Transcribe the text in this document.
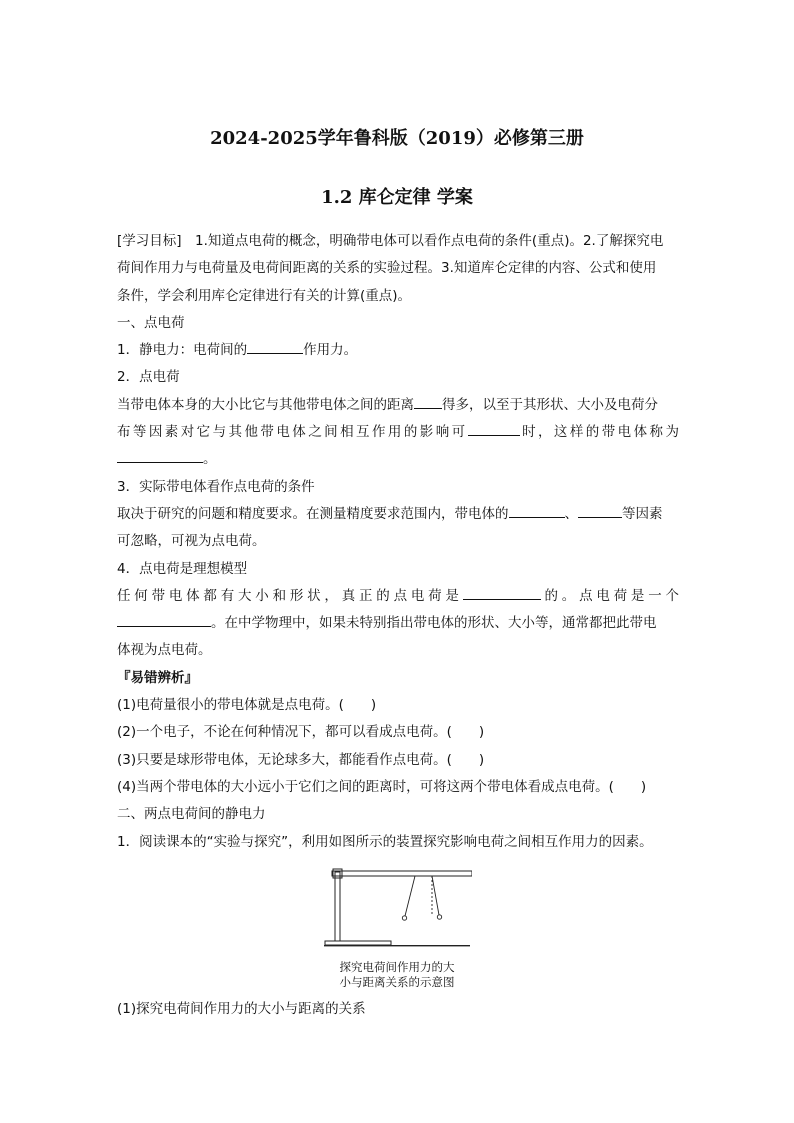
2024-2025学年鲁科版（2019）必修第三册
1.2 库仑定律 学案

[学习目标]　 1.知道点电荷的概念，明确带电体可以看作点电荷的条件(重点)。2.了解探究电

荷间作用力与电荷量及电荷间距离的关系的实验过程。3.知道库仑定律的内容、公式和使用

条件，学会利用库仑定律进行有关的计算(重点)。

一、点电荷

1．静电力：电荷间的	作用力。

2．点电荷

当带电体本身的大小比它与其他带电体之间的距离 得多，以至于其形状、大小及电荷分

布等因素对它与其他带电体之间相互作用的影响可	时，这样的带电体称为

。

3．实际带电体看作点电荷的条件

取决于研究的问题和精度要求。在测量精度要求范围内，带电体的	、	等因素

可忽略，可视为点电荷。

4．点电荷是理想模型

任何带电体都有大小和形状，真正的点电荷是	的。点电荷是一个

。在中学物理中，如果未特别指出带电体的形状、大小等，通常都把此带电

体视为点电荷。

『易错辨析』

(1)电荷量很小的带电体就是点电荷。(　　)

(2)一个电子，不论在何种情况下，都可以看成点电荷。(　　)

(3)只要是球形带电体，无论球多大，都能看作点电荷。(　　)

(4)当两个带电体的大小远小于它们之间的距离时，可将这两个带电体看成点电荷。(　　)

二、两点电荷间的静电力

1．阅读课本的“实验与探究”，利用如图所示的装置探究影响电荷之间相互作用力的因素。

探究电荷间作用力的大
小与距离关系的示意图
(1)探究电荷间作用力的大小与距离的关系
